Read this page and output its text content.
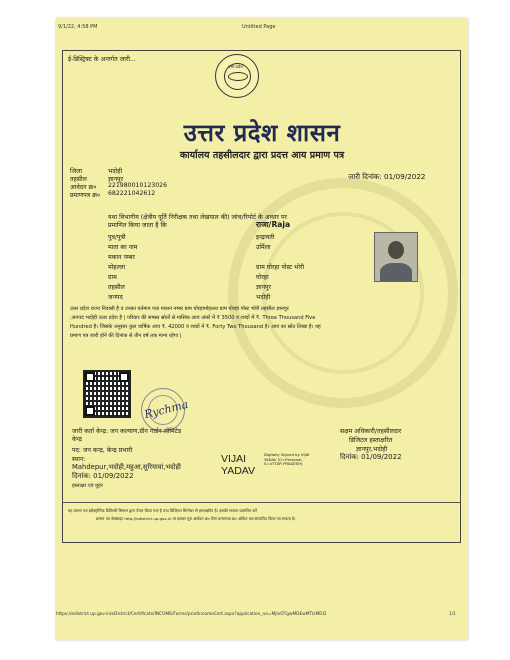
9/1/22, 4:58 PM	Untitled Page
ई-डिस्ट्रिक्ट के अन्तर्गत जारी...
उत्तर प्रदेश
उत्तर प्रदेश शासन
कार्यालय तहसीलदार द्वारा प्रदत्त आय प्रमाण पत्र
जिला	भदोही
तहसील	ज्ञानपुर
आवेदन क्र० 221980010123026
प्रमाणपत्र क्र० 682221042612
जारी दिनांक: 01/09/2022
यथा विभागीय (क्षेत्रीय पूर्ति निरीक्षक तथा लेखपाल की) जांच/रिपोर्ट के आधार पर
प्रमाणित किया जाता है कि	राजा/Raja
पुत्र/पुत्री	इन्द्रावती
माता का नाम	उर्मिला
मकान नम्बर
मोहल्ला	ग्राम घोरहा पोस्ट भोरी
ग्राम	घोरहा
तहसील	ज्ञानपुर
जनपद	भदोही
उत्तर प्रदेश राज्य निवासी है व उनका वर्तमान पता मकान नम्बर ग्राम घोरहामोहल्ला ग्राम घोरहा पोस्ट भोरी तहसील ज्ञानपुर
,जनपद भदोही उत्तर प्रदेश है | परिवार की समस्त स्रोतों से मासिक आय अंको में ₹ 3500 व शब्दों में ₹. Three Thousand Five
Hundred है। जिसके अनुसार कुल वार्षिक आय ₹. 42000 व शब्दों में ₹. Forty Two Thousand है। आय का स्रोत लिखा है। यह
प्रमाण पत्र जारी होने की दिनांक से तीन वर्ष तक मान्य रहेगा |
Rychma
जारी कर्ता केन्द्र: जन कल्याण,ग्रीन गार्डन लीमिटेड
केन्द्र
पद: जन कन्द्र, केन्द्र प्रभारी
स्थान:
Mahdepur,भदोही,महुआ,सुरियावां,भदोही
दिनांक: 01/09/2022
हस्ताक्षर एवं मुहर
VIJAI
YADAV
Digitally Signed by VIJAI
YADAV (O=Personal,
S=UTTAR PRADESH)
सक्षम अधिकारी/तहसीलदार
डिजिटल हस्ताक्षरित
ज्ञानपुर,भदोही
दिनांक: 01/09/2022
यह प्रमाण पत्र इलेक्ट्रॉनिक डिलिवरी सिस्टम द्वारा तैयार किया गया है तथा डिजिटल सिग्नेचर से हस्ताक्षरित है। इसकी सत्यता प्रमाणित करें
प्रमाण पत्र वेबसाइट http://edistrict.up.gov.in पर इसका पूरा आवेदन क्र० लिए प्रमाणपत्र क्र० अंकित कर,सत्यापित किया जा सकता है।
https://edistrict.up.gov.in/eDistrict/Certificate/INCOME/Forms/printIncomeCert.aspx?application_no=MjIxOTgwMDEwMTIzMDI2	1/1
